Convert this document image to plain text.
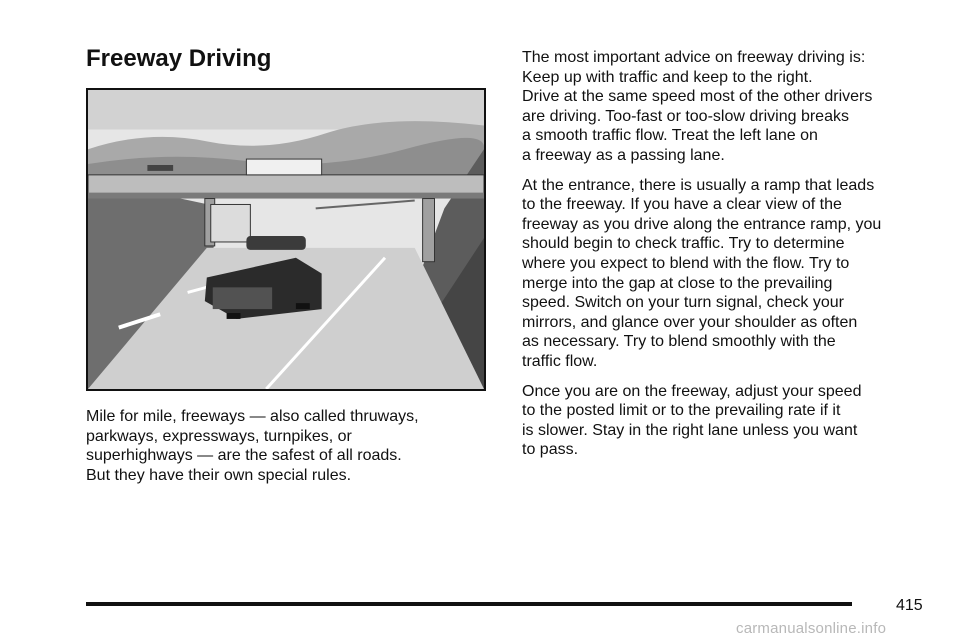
Freeway Driving

Mile for mile, freeways — also called thruways,
parkways, expressways, turnpikes, or
superhighways — are the safest of all roads.
But they have their own special rules.

The most important advice on freeway driving is:
Keep up with traffic and keep to the right.
Drive at the same speed most of the other drivers
are driving. Too-fast or too-slow driving breaks
a smooth traffic flow. Treat the left lane on
a freeway as a passing lane.

At the entrance, there is usually a ramp that leads
to the freeway. If you have a clear view of the
freeway as you drive along the entrance ramp, you
should begin to check traffic. Try to determine
where you expect to blend with the flow. Try to
merge into the gap at close to the prevailing
speed. Switch on your turn signal, check your
mirrors, and glance over your shoulder as often
as necessary. Try to blend smoothly with the
traffic flow.

Once you are on the freeway, adjust your speed
to the posted limit or to the prevailing rate if it
is slower. Stay in the right lane unless you want
to pass.

415
carmanualsonline.info
